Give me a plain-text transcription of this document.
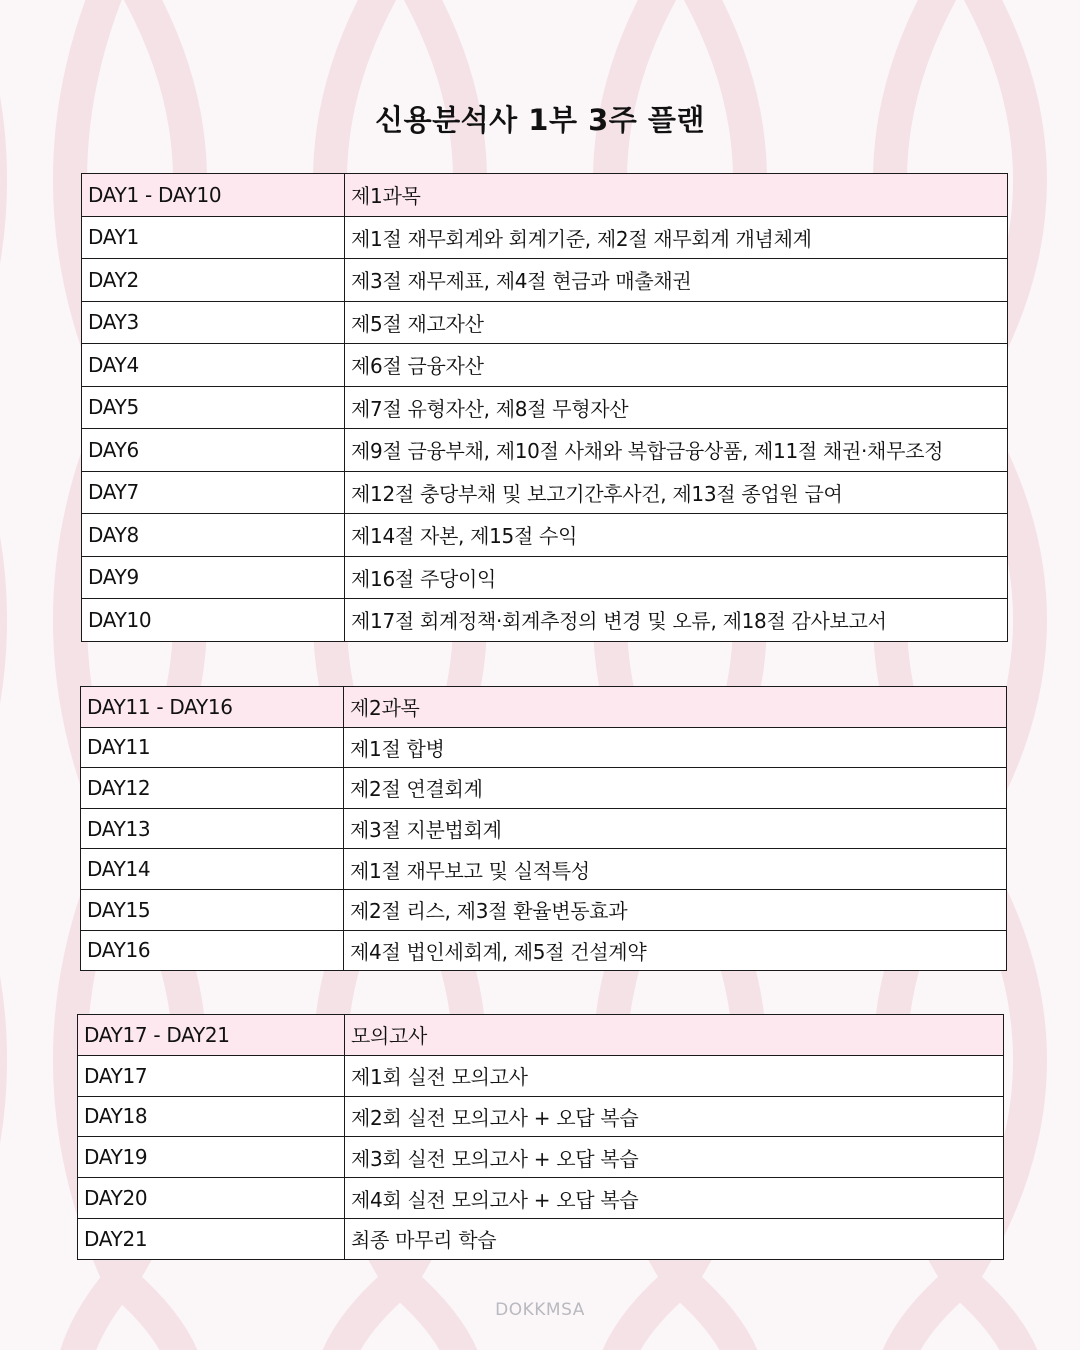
신용분석사 1부 3주 플랜
DAY1 - DAY10	제1과목
DAY1	제1절 재무회계와 회계기준, 제2절 재무회계 개념체계
DAY2	제3절 재무제표, 제4절 현금과 매출채권
DAY3	제5절 재고자산
DAY4	제6절 금융자산
DAY5	제7절 유형자산, 제8절 무형자산
DAY6	제9절 금융부채, 제10절 사채와 복합금융상품, 제11절 채권·채무조정
DAY7	제12절 충당부채 및 보고기간후사건, 제13절 종업원 급여
DAY8	제14절 자본, 제15절 수익
DAY9	제16절 주당이익
DAY10	제17절 회계정책·회계추정의 변경 및 오류, 제18절 감사보고서
DAY11 - DAY16	제2과목
DAY11	제1절 합병
DAY12	제2절 연결회계
DAY13	제3절 지분법회계
DAY14	제1절 재무보고 및 실적특성
DAY15	제2절 리스, 제3절 환율변동효과
DAY16	제4절 법인세회계, 제5절 건설계약
DAY17 - DAY21	모의고사
DAY17	제1회 실전 모의고사
DAY18	제2회 실전 모의고사 + 오답 복습
DAY19	제3회 실전 모의고사 + 오답 복습
DAY20	제4회 실전 모의고사 + 오답 복습
DAY21	최종 마무리 학습
DOKKMSA
